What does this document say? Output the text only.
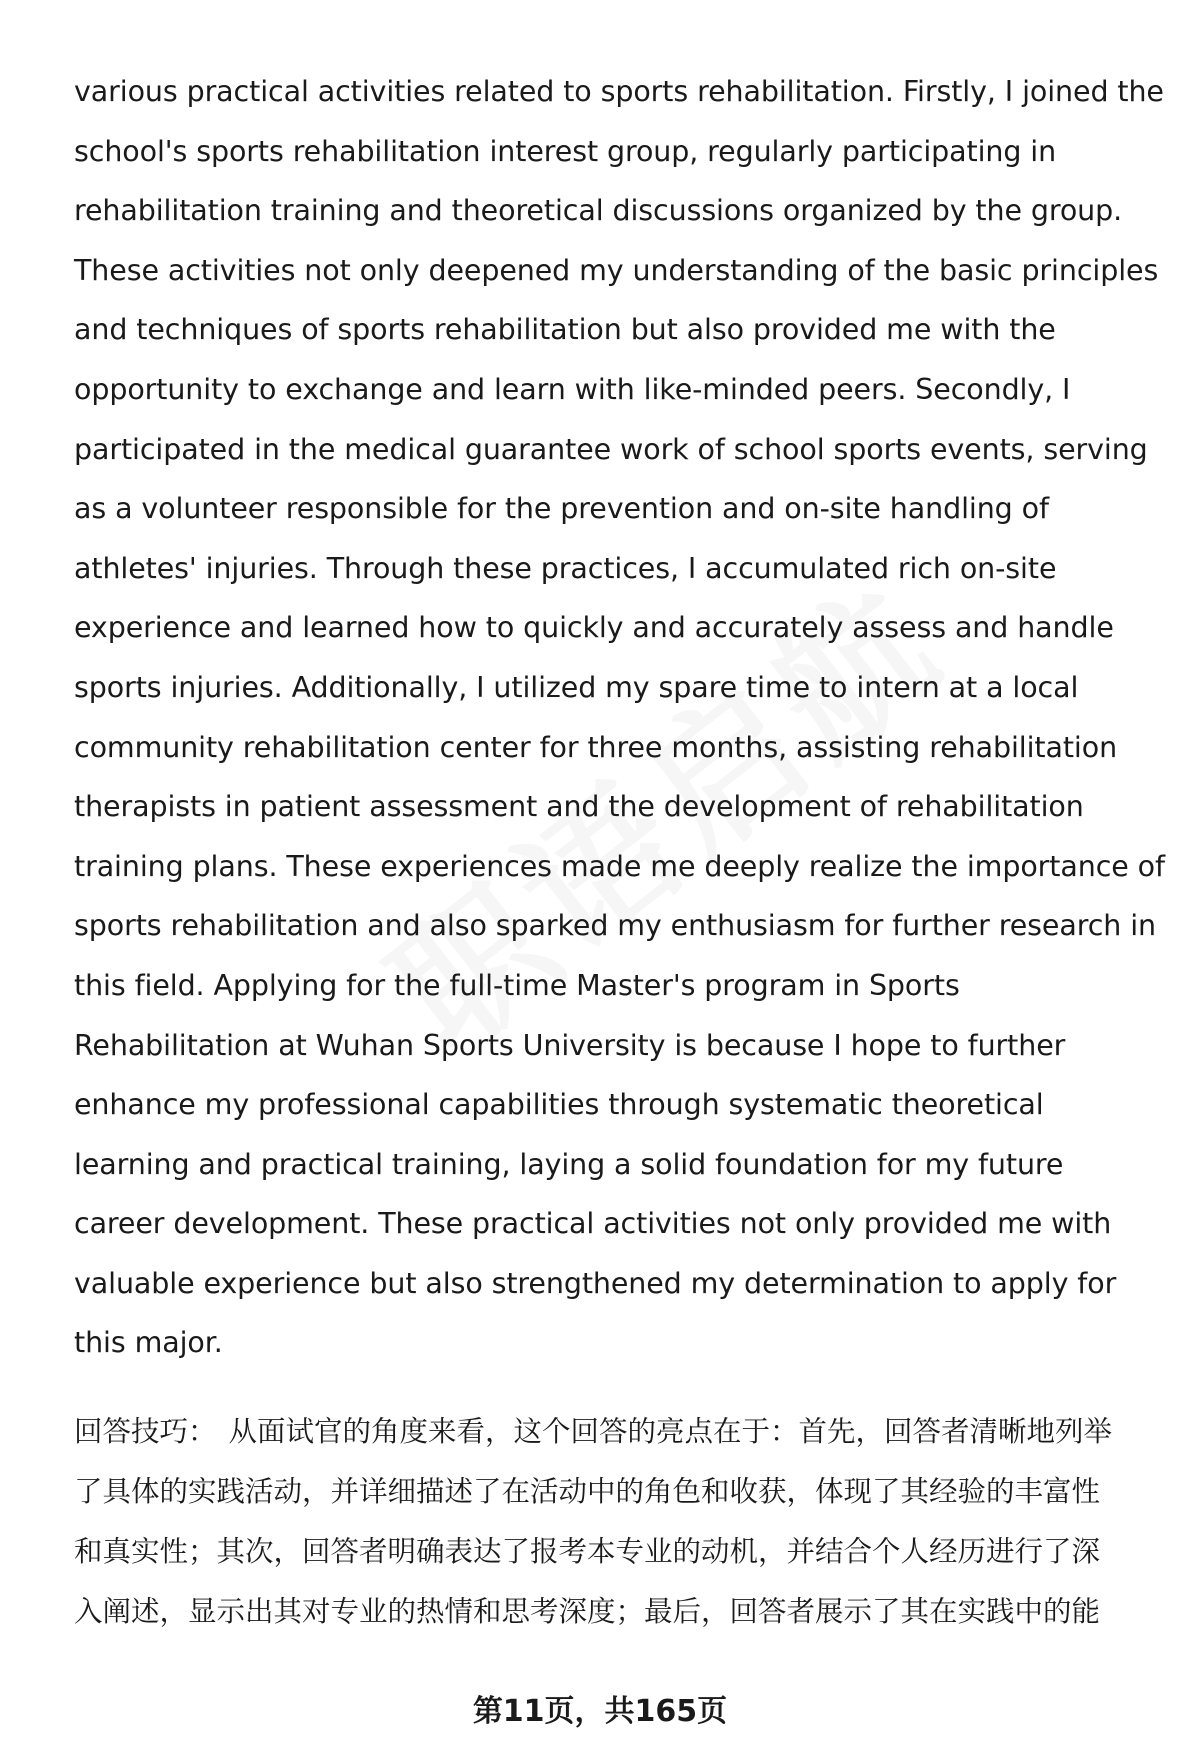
various practical activities related to sports rehabilitation. Firstly, I joined the
school's sports rehabilitation interest group, regularly participating in
rehabilitation training and theoretical discussions organized by the group.
These activities not only deepened my understanding of the basic principles
and techniques of sports rehabilitation but also provided me with the
opportunity to exchange and learn with like-minded peers. Secondly, I
participated in the medical guarantee work of school sports events, serving
as a volunteer responsible for the prevention and on-site handling of
athletes' injuries. Through these practices, I accumulated rich on-site
experience and learned how to quickly and accurately assess and handle
sports injuries. Additionally, I utilized my spare time to intern at a local
community rehabilitation center for three months, assisting rehabilitation
therapists in patient assessment and the development of rehabilitation
training plans. These experiences made me deeply realize the importance of
sports rehabilitation and also sparked my enthusiasm for further research in
this field. Applying for the full-time Master's program in Sports
Rehabilitation at Wuhan Sports University is because I hope to further
enhance my professional capabilities through systematic theoretical
learning and practical training, laying a solid foundation for my future
career development. These practical activities not only provided me with
valuable experience but also strengthened my determination to apply for
this major.
回答技巧： 从面试官的角度来看，这个回答的亮点在于：首先，回答者清晰地列举
了具体的实践活动，并详细描述了在活动中的角色和收获，体现了其经验的丰富性
和真实性；其次，回答者明确表达了报考本专业的动机，并结合个人经历进行了深
入阐述，显示出其对专业的热情和思考深度；最后，回答者展示了其在实践中的能
第11页，共165页
